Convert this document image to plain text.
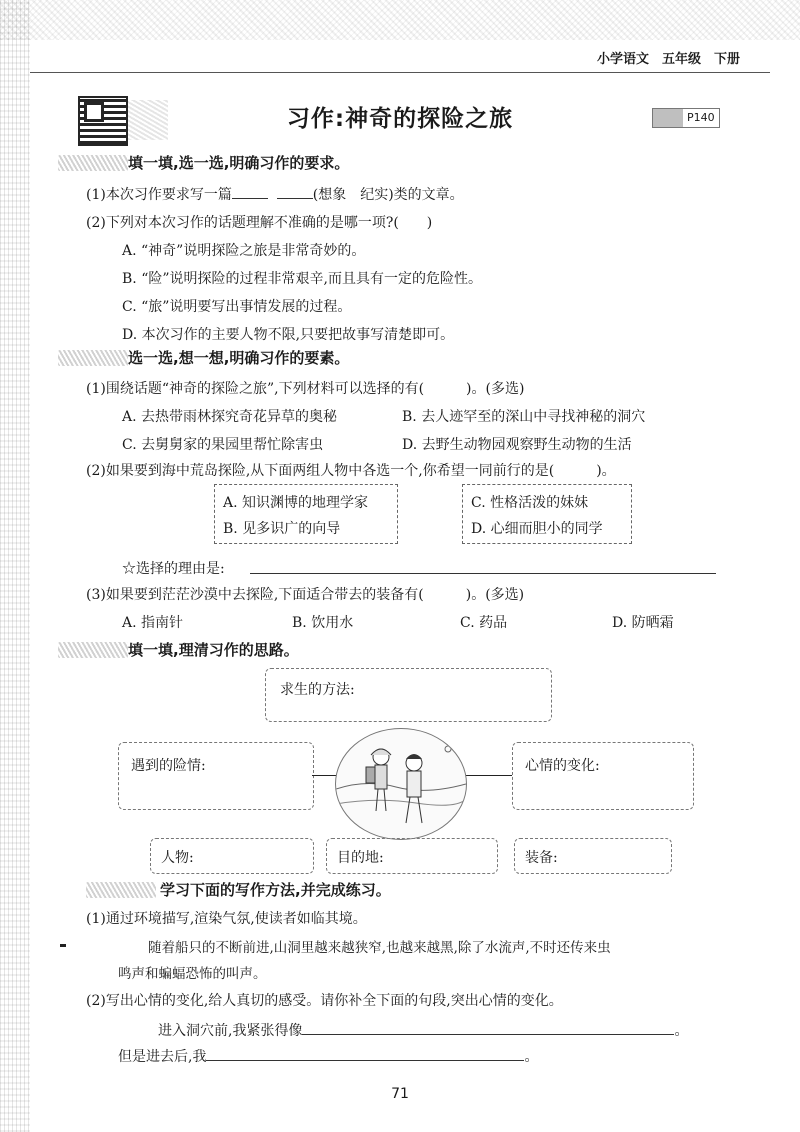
小学语文　五年级　下册
习作:神奇的探险之旅	P140
填一填,选一选,明确习作的要求。
(1)本次习作要求写一篇	(想象　纪实)类的文章。
(2)下列对本次习作的话题理解不准确的是哪一项?(　　)
A. “神奇”说明探险之旅是非常奇妙的。
B. “险”说明探险的过程非常艰辛,而且具有一定的危险性。
C. “旅”说明要写出事情发展的过程。
D. 本次习作的主要人物不限,只要把故事写清楚即可。
选一选,想一想,明确习作的要素。
(1)围绕话题“神奇的探险之旅”,下列材料可以选择的有(　　　)。(多选)
A. 去热带雨林探究奇花异草的奥秘	B. 去人迹罕至的深山中寻找神秘的洞穴
C. 去舅舅家的果园里帮忙除害虫	D. 去野生动物园观察野生动物的生活
(2)如果要到海中荒岛探险,从下面两组人物中各选一个,你希望一同前行的是(　　　)。
A. 知识渊博的地理学家
B. 见多识广的向导
C. 性格活泼的妹妹
D. 心细而胆小的同学
☆选择的理由是:
(3)如果要到茫茫沙漠中去探险,下面适合带去的装备有(　　　)。(多选)
A. 指南针	B. 饮用水	C. 药品	D. 防晒霜
填一填,理清习作的思路。
求生的方法:
遇到的险情:	心情的变化:
人物:	目的地:	装备:
学习下面的写作方法,并完成练习。
(1)通过环境描写,渲染气氛,使读者如临其境。
随着船只的不断前进,山洞里越来越狭窄,也越来越黑,除了水流声,不时还传来虫
鸣声和蝙蝠恐怖的叫声。
(2)写出心情的变化,给人真切的感受。请你补全下面的句段,突出心情的变化。
进入洞穴前,我紧张得像	。
但是进去后,我	。
71
